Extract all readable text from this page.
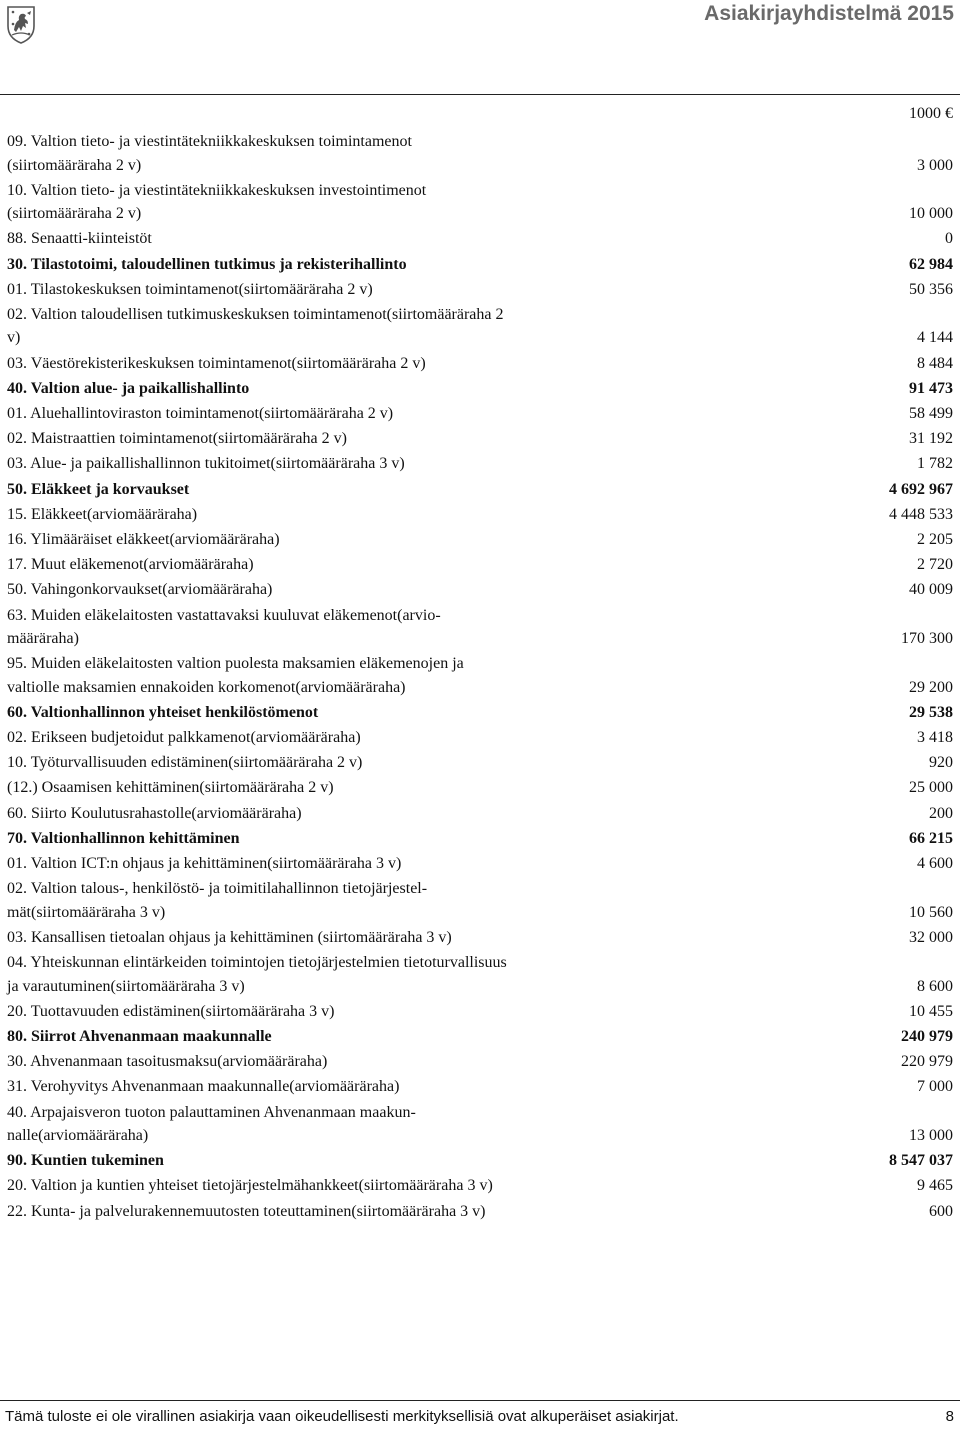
Asiakirjayhdistelmä 2015
1000 €
09. Valtion tieto- ja viestintätekniikkakeskuksen toimintamenot (siirtomääräraha 2 v)	3 000
10. Valtion tieto- ja viestintätekniikkakeskuksen investointimenot (siirtomääräraha 2 v)	10 000
88. Senaatti-kiinteistöt	0
30. Tilastotoimi, taloudellinen tutkimus ja rekisterihallinto	62 984
01. Tilastokeskuksen toimintamenot(siirtomääräraha 2 v)	50 356
02. Valtion taloudellisen tutkimuskeskuksen toimintamenot(siirtomääräraha 2 v)	4 144
03. Väestörekisterikeskuksen toimintamenot(siirtomääräraha 2 v)	8 484
40. Valtion alue- ja paikallishallinto	91 473
01. Aluehallintoviraston toimintamenot(siirtomääräraha 2 v)	58 499
02. Maistraattien toimintamenot(siirtomääräraha 2 v)	31 192
03. Alue- ja paikallishallinnon tukitoimet(siirtomääräraha 3 v)	1 782
50. Eläkkeet ja korvaukset	4 692 967
15. Eläkkeet(arviomääräraha)	4 448 533
16. Ylimääräiset eläkkeet(arviomääräraha)	2 205
17. Muut eläkemenot(arviomääräraha)	2 720
50. Vahingonkorvaukset(arviomääräraha)	40 009
63. Muiden eläkelaitosten vastattavaksi kuuluvat eläkemenot(arviomääräraha)	170 300
95. Muiden eläkelaitosten valtion puolesta maksamien eläkemenojen ja valtiolle maksamien ennakoiden korkomenot(arviomääräraha)	29 200
60. Valtionhallinnon yhteiset henkilöstömenot	29 538
02. Erikseen budjetoidut palkkamenot(arviomääräraha)	3 418
10. Työturvallisuuden edistäminen(siirtomääräraha 2 v)	920
(12.) Osaamisen kehittäminen(siirtomääräraha 2 v)	25 000
60. Siirto Koulutusrahastolle(arviomääräraha)	200
70. Valtionhallinnon kehittäminen	66 215
01. Valtion ICT:n ohjaus ja kehittäminen(siirtomääräraha 3 v)	4 600
02. Valtion talous-, henkilöstö- ja toimitilahallinnon tietojärjestelmät(siirtomääräraha 3 v)	10 560
03. Kansallisen tietoalan ohjaus ja kehittäminen (siirtomääräraha 3 v)	32 000
04. Yhteiskunnan elintärkeiden toimintojen tietojärjestelmien tietoturvallisuus ja varautuminen(siirtomääräraha 3 v)	8 600
20. Tuottavuuden edistäminen(siirtomääräraha 3 v)	10 455
80. Siirrot Ahvenanmaan maakunnalle	240 979
30. Ahvenanmaan tasoitusmaksu(arviomääräraha)	220 979
31. Verohyvitys Ahvenanmaan maakunnalle(arviomääräraha)	7 000
40. Arpajaisveron tuoton palauttaminen Ahvenanmaan maakunnalle(arviomääräraha)	13 000
90. Kuntien tukeminen	8 547 037
20. Valtion ja kuntien yhteiset tietojärjestelmähankkeet(siirtomääräraha 3 v)	9 465
22. Kunta- ja palvelurakennemuutosten toteuttaminen(siirtomääräraha 3 v)	600
Tämä tuloste ei ole virallinen asiakirja vaan oikeudellisesti merkityksellisiä ovat alkuperäiset asiakirjat.	8
